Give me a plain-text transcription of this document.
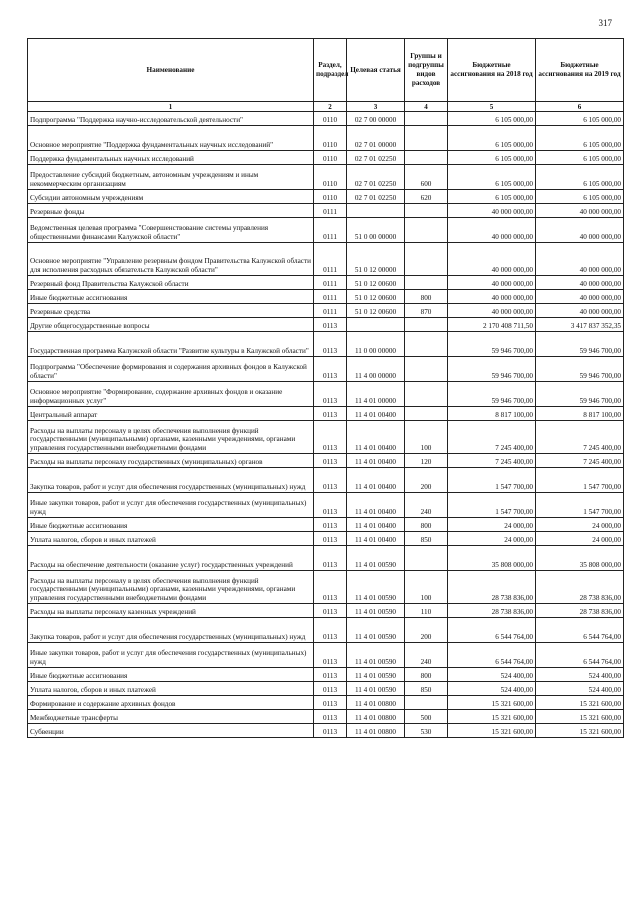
317
Наименование	Раздел, подраздел	Целевая статья	Группы и подгруппы видов расходов	Бюджетные ассигнования на 2018 год	Бюджетные ассигнования на 2019 год
1	2	3	4	5	6
Подпрограмма "Поддержка научно-исследовательской деятельности"	0110	02 7 00 00000		6 105 000,00	6 105 000,00
Основное мероприятие "Поддержка фундаментальных научных исследований"	0110	02 7 01 00000		6 105 000,00	6 105 000,00
Поддержка фундаментальных научных исследований	0110	02 7 01 02250		6 105 000,00	6 105 000,00
Предоставление субсидий бюджетным, автономным учреждениям и иным некоммерческим организациям	0110	02 7 01 02250	600	6 105 000,00	6 105 000,00
Субсидии автономным учреждениям	0110	02 7 01 02250	620	6 105 000,00	6 105 000,00
Резервные фонды	0111			40 000 000,00	40 000 000,00
Ведомственная целевая программа "Совершенствование системы управления общественными финансами Калужской области"	0111	51 0 00 00000		40 000 000,00	40 000 000,00
Основное мероприятие "Управление резервным фондом Правительства Калужской области для исполнения расходных обязательств Калужской области"	0111	51 0 12 00000		40 000 000,00	40 000 000,00
Резервный фонд Правительства Калужской области	0111	51 0 12 00600		40 000 000,00	40 000 000,00
Иные бюджетные ассигнования	0111	51 0 12 00600	800	40 000 000,00	40 000 000,00
Резервные средства	0111	51 0 12 00600	870	40 000 000,00	40 000 000,00
Другие общегосударственные вопросы	0113			2 170 408 711,50	3 417 837 352,35
Государственная программа Калужской области "Развитие культуры в Калужской области"	0113	11 0 00 00000		59 946 700,00	59 946 700,00
Подпрограмма "Обеспечение формирования и содержания архивных фондов в Калужской области"	0113	11 4 00 00000		59 946 700,00	59 946 700,00
Основное мероприятие "Формирование, содержание архивных фондов и оказание информационных услуг"	0113	11 4 01 00000		59 946 700,00	59 946 700,00
Центральный аппарат	0113	11 4 01 00400		8 817 100,00	8 817 100,00
Расходы на выплаты персоналу в целях обеспечения выполнения функций государственными (муниципальными) органами, казенными учреждениями, органами управления государственными внебюджетными фондами	0113	11 4 01 00400	100	7 245 400,00	7 245 400,00
Расходы на выплаты персоналу государственных (муниципальных) органов	0113	11 4 01 00400	120	7 245 400,00	7 245 400,00
Закупка товаров, работ и услуг для обеспечения государственных (муниципальных) нужд	0113	11 4 01 00400	200	1 547 700,00	1 547 700,00
Иные закупки товаров, работ и услуг для обеспечения государственных (муниципальных) нужд	0113	11 4 01 00400	240	1 547 700,00	1 547 700,00
Иные бюджетные ассигнования	0113	11 4 01 00400	800	24 000,00	24 000,00
Уплата налогов, сборов и иных платежей	0113	11 4 01 00400	850	24 000,00	24 000,00
Расходы на обеспечение деятельности (оказание услуг) государственных учреждений	0113	11 4 01 00590		35 808 000,00	35 808 000,00
Расходы на выплаты персоналу в целях обеспечения выполнения функций государственными (муниципальными) органами, казенными учреждениями, органами управления государственными внебюджетными фондами	0113	11 4 01 00590	100	28 738 836,00	28 738 836,00
Расходы на выплаты персоналу казенных учреждений	0113	11 4 01 00590	110	28 738 836,00	28 738 836,00
Закупка товаров, работ и услуг для обеспечения государственных (муниципальных) нужд	0113	11 4 01 00590	200	6 544 764,00	6 544 764,00
Иные закупки товаров, работ и услуг для обеспечения государственных (муниципальных) нужд	0113	11 4 01 00590	240	6 544 764,00	6 544 764,00
Иные бюджетные ассигнования	0113	11 4 01 00590	800	524 400,00	524 400,00
Уплата налогов, сборов и иных платежей	0113	11 4 01 00590	850	524 400,00	524 400,00
Формирование и содержание архивных фондов	0113	11 4 01 00800		15 321 600,00	15 321 600,00
Межбюджетные трансферты	0113	11 4 01 00800	500	15 321 600,00	15 321 600,00
Субвенции	0113	11 4 01 00800	530	15 321 600,00	15 321 600,00
